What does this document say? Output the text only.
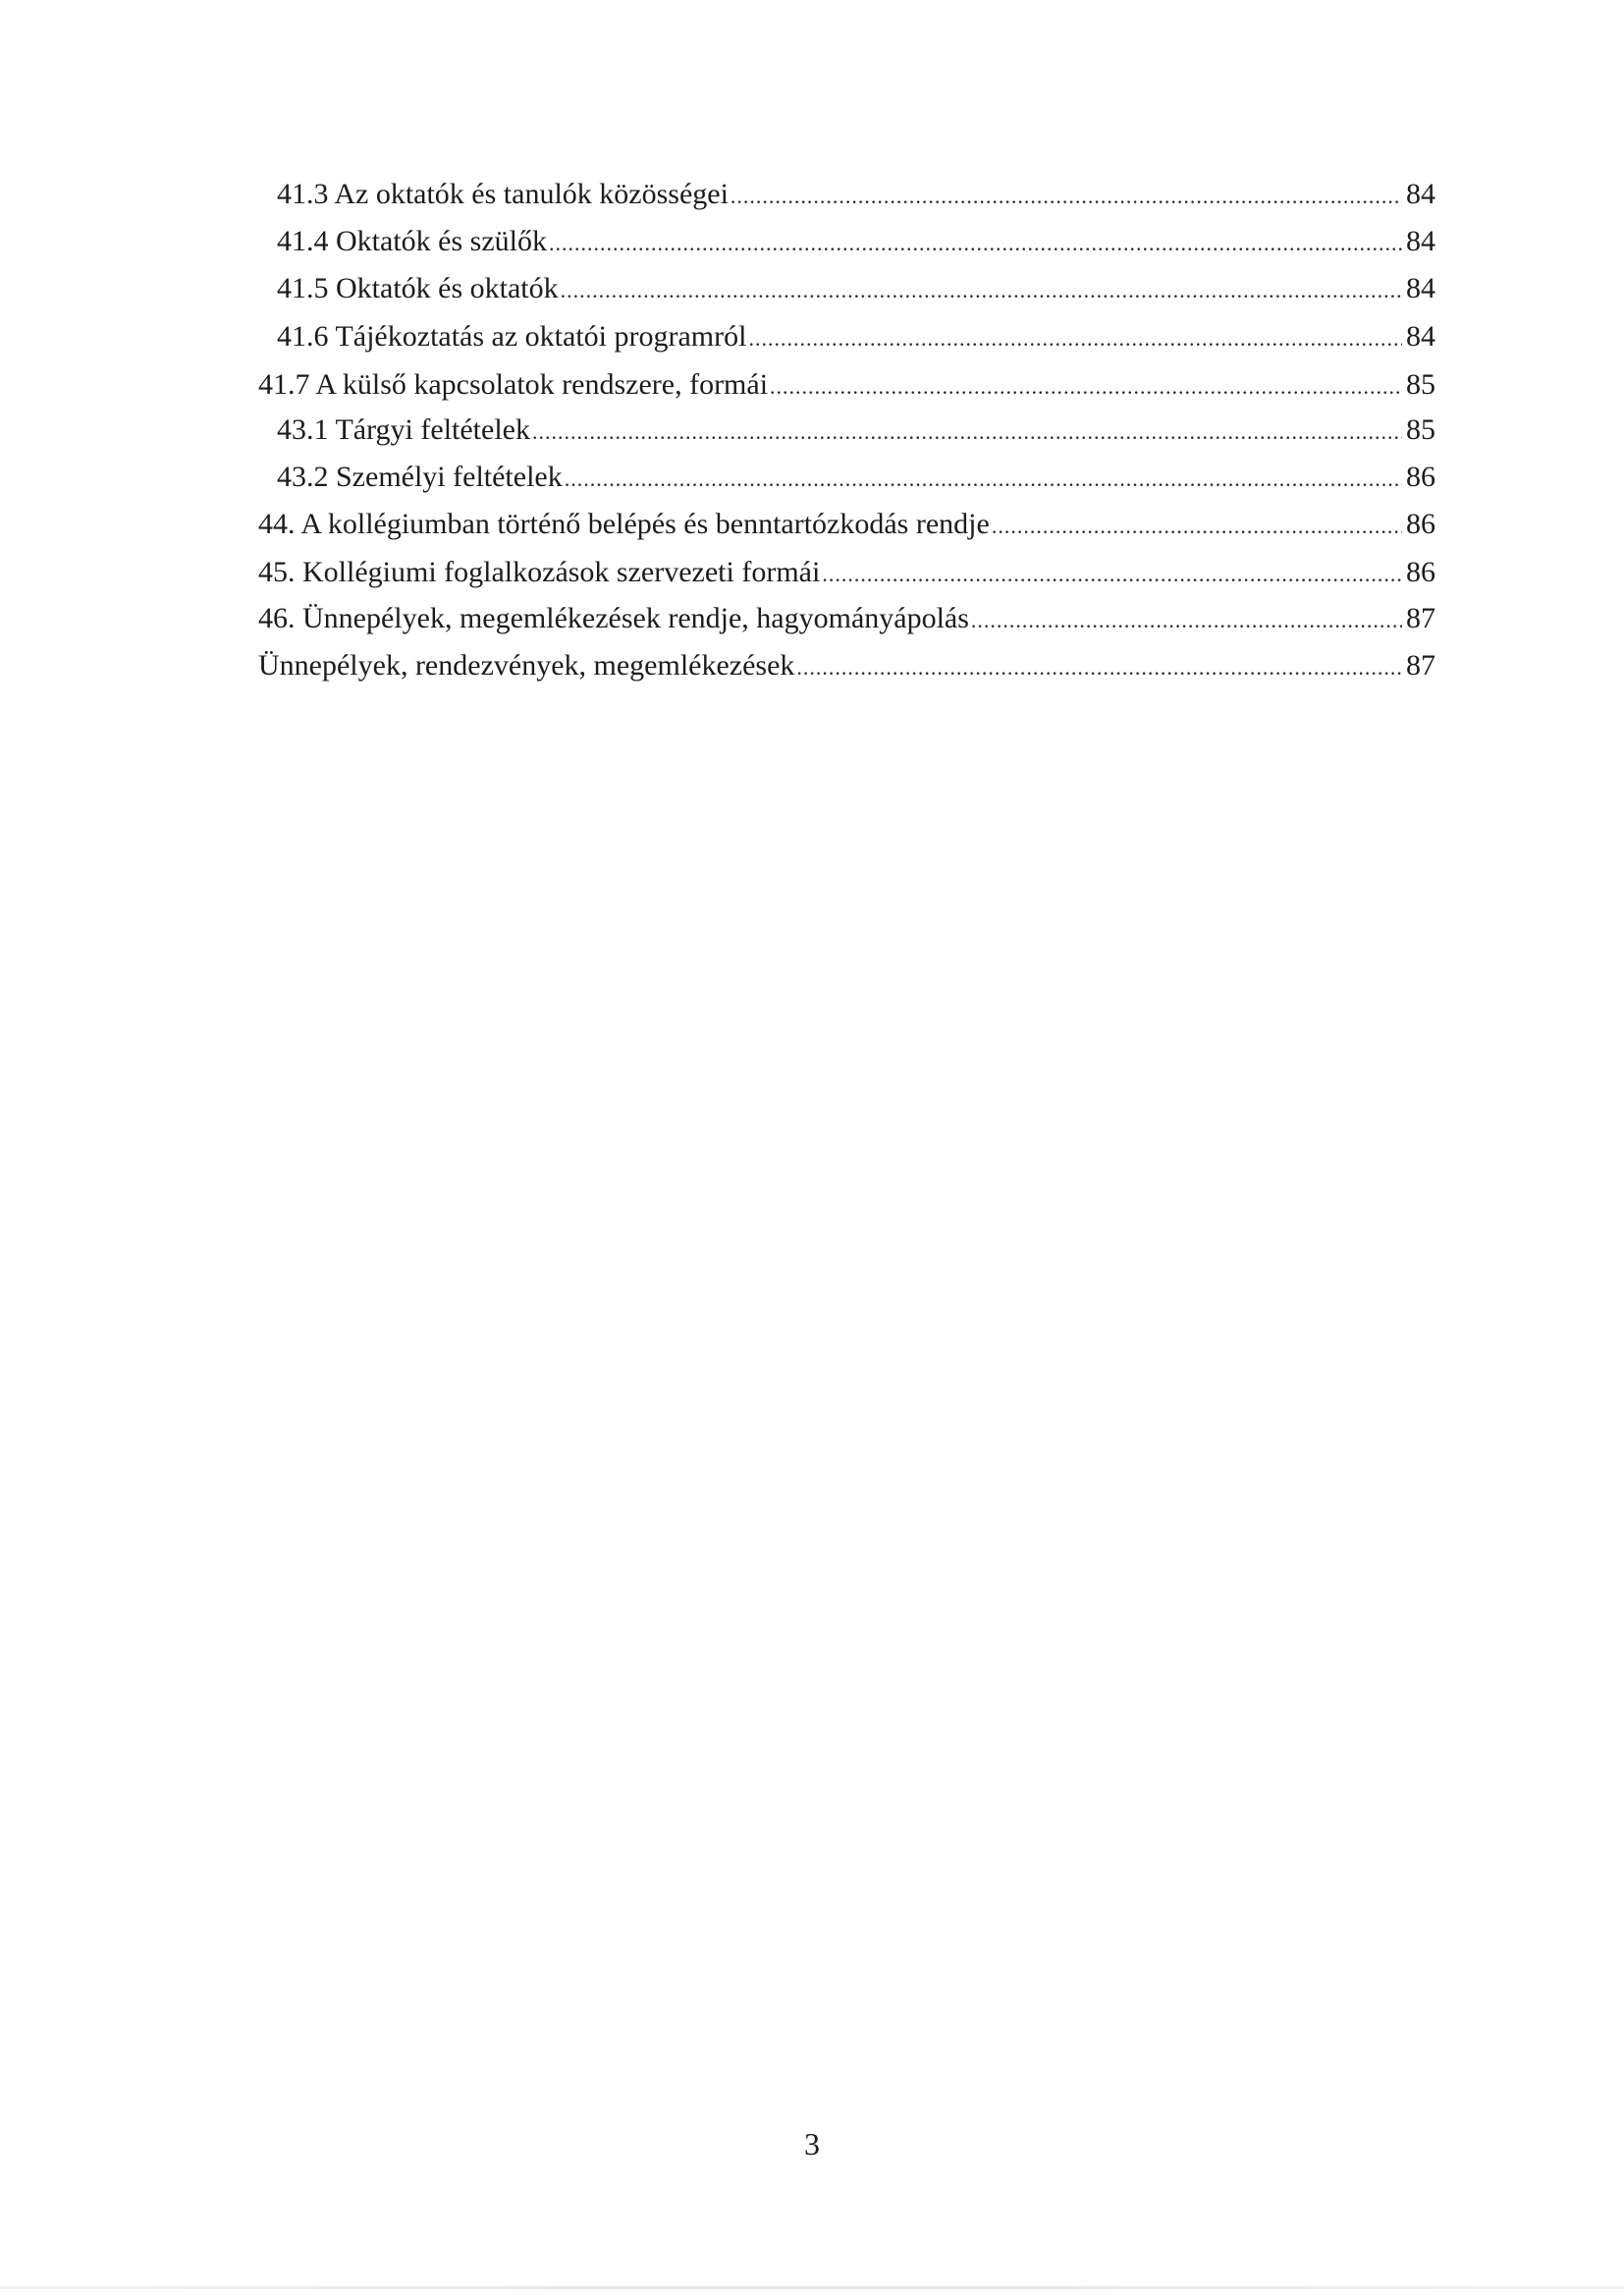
41.3 Az oktatók és tanulók közösségei .....	84
41.4 Oktatók és szülők .....	84
41.5 Oktatók és oktatók .....	84
41.6 Tájékoztatás az oktatói programról .....	84
41.7 A külső kapcsolatok rendszere, formái .....	85
43.1 Tárgyi feltételek .....	85
43.2 Személyi feltételek .....	86
44. A kollégiumban történő belépés és benntartózkodás rendje .....	86
45. Kollégiumi foglalkozások szervezeti formái .....	86
46. Ünnepélyek, megemlékezések rendje, hagyományápolás .....	87
Ünnepélyek, rendezvények, megemlékezések .....	87
3
